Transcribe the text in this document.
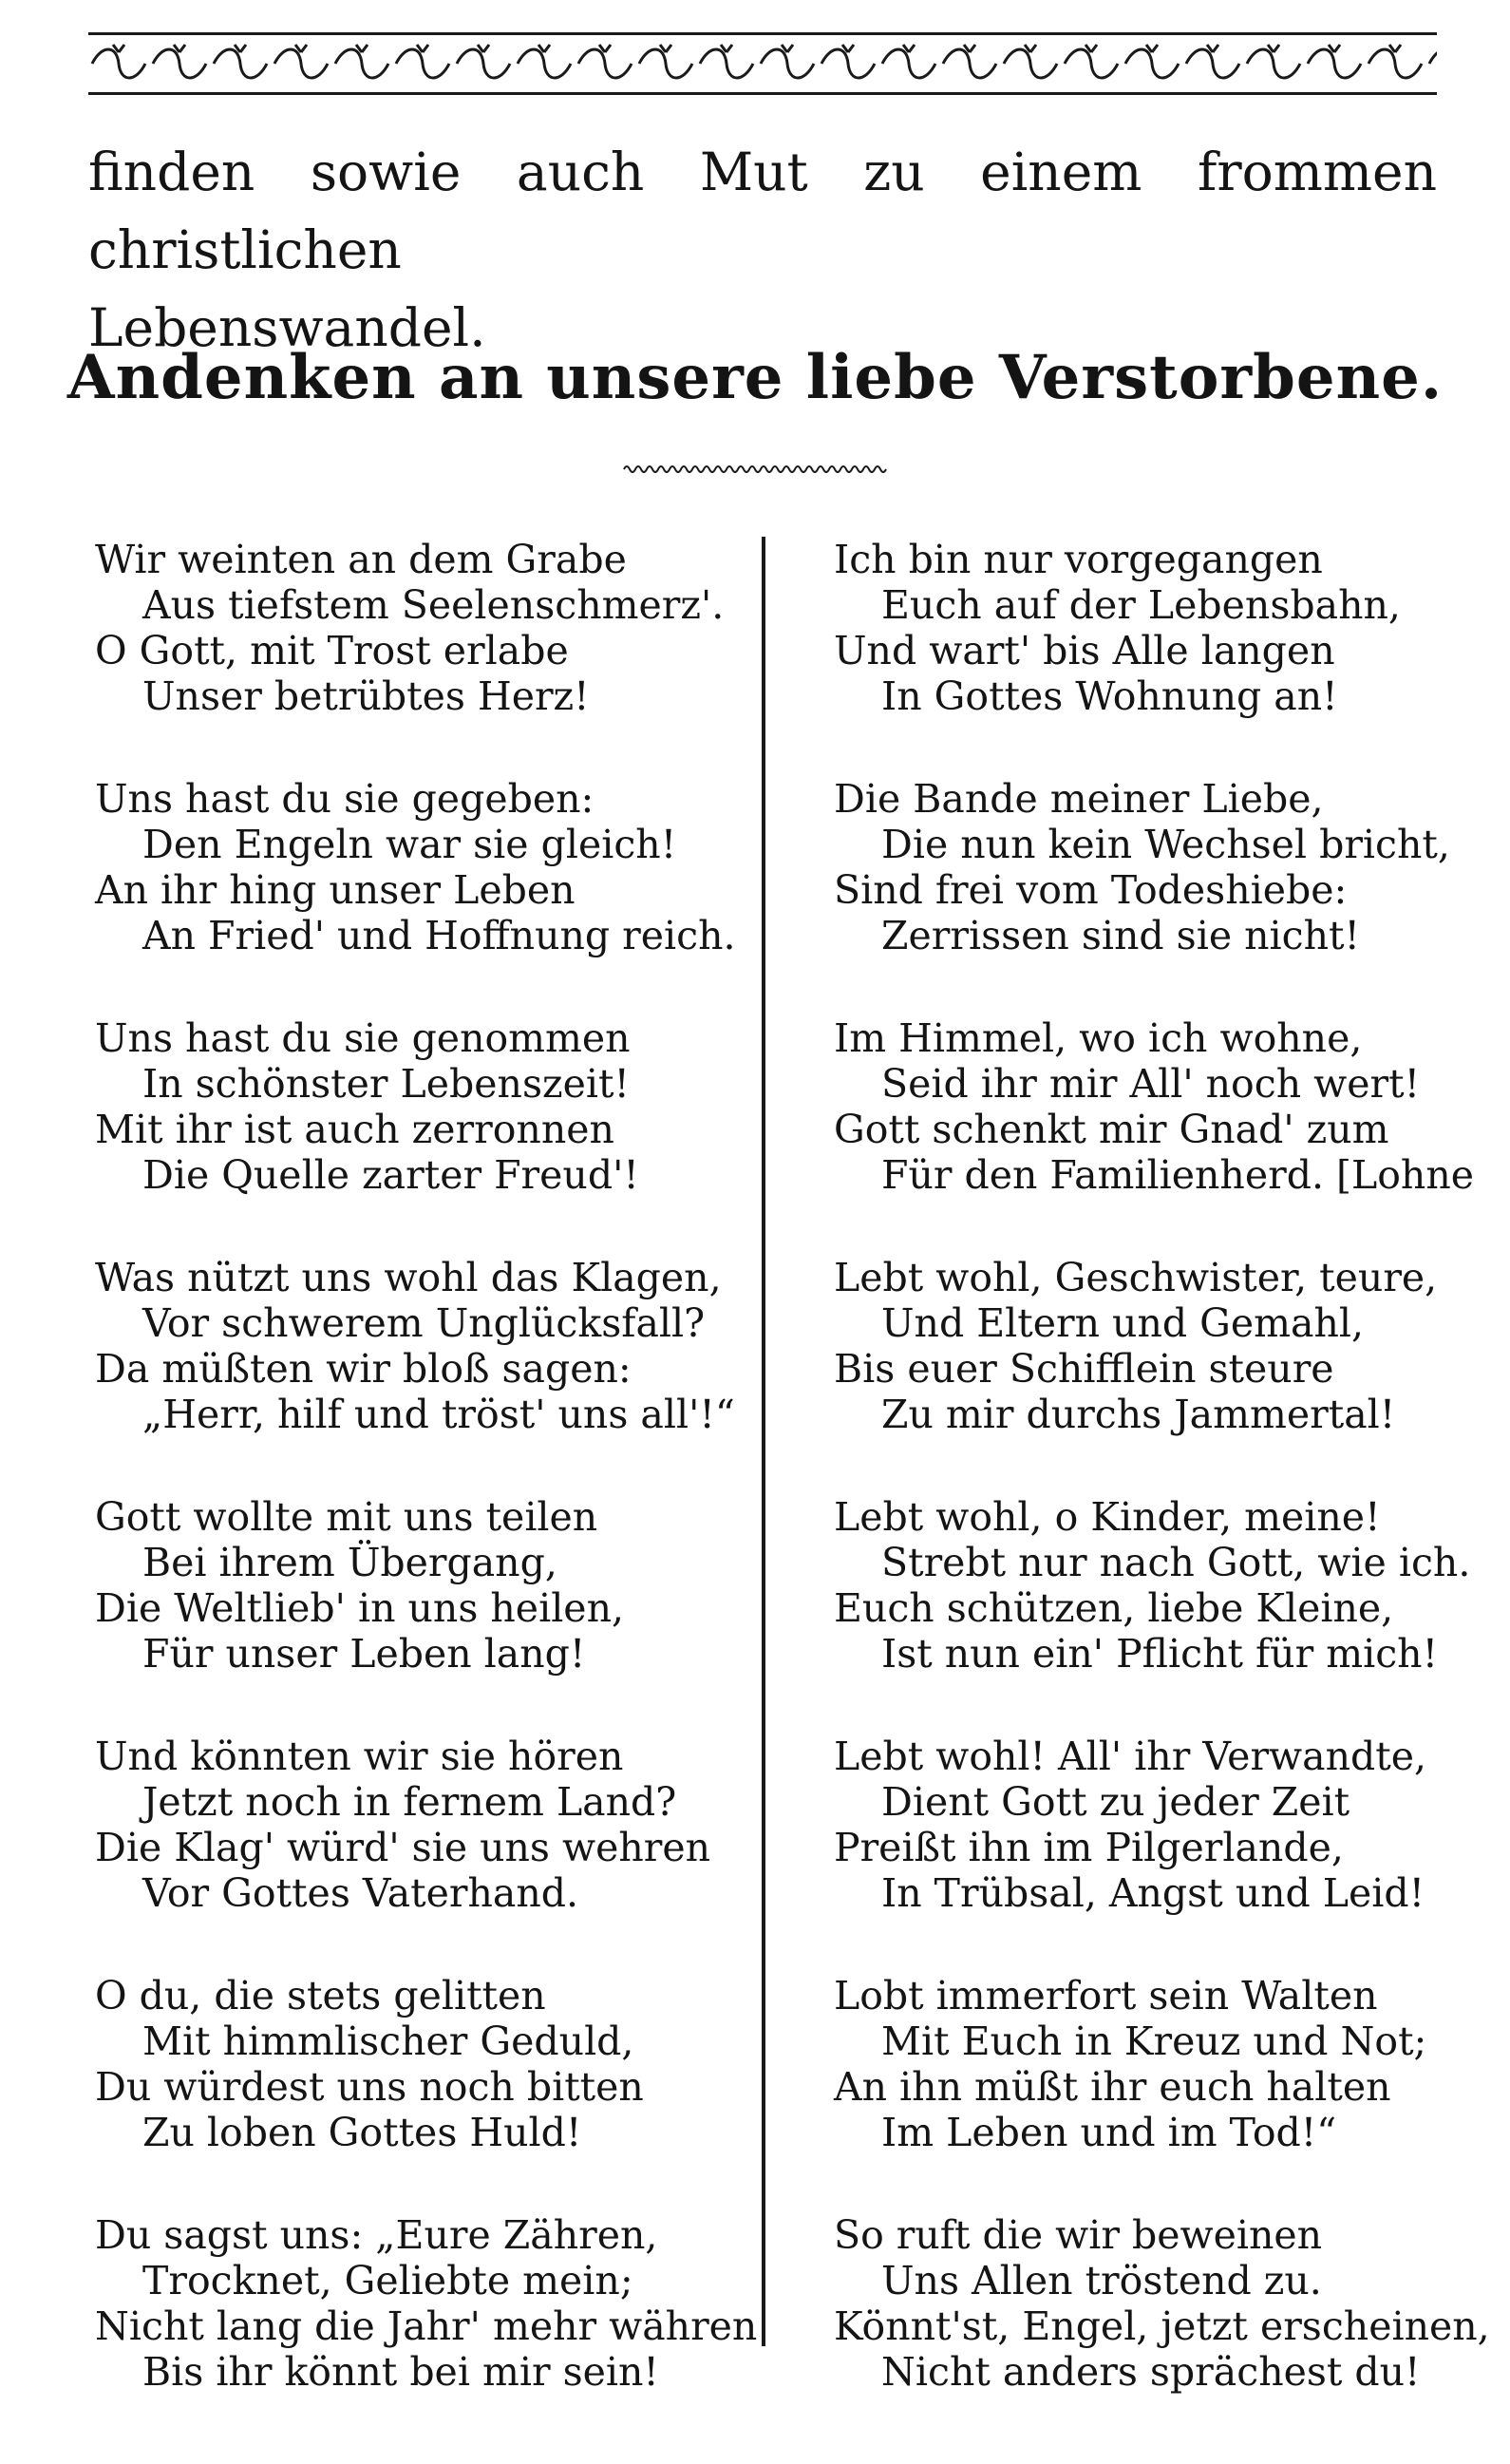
finden sowie auch Mut zu einem frommen christlichen
Lebenswandel.
Andenken an unsere liebe Verstorbene.
Wir weinten an dem Grabe
Aus tiefstem Seelenschmerz'.
O Gott, mit Trost erlabe
Unser betrübtes Herz!
Uns hast du sie gegeben:
Den Engeln war sie gleich!
An ihr hing unser Leben
An Fried' und Hoffnung reich.
Uns hast du sie genommen
In schönster Lebenszeit!
Mit ihr ist auch zerronnen
Die Quelle zarter Freud'!
Was nützt uns wohl das Klagen,
Vor schwerem Unglücksfall?
Da müßten wir bloß sagen:
„Herr, hilf und tröst' uns all'!“
Gott wollte mit uns teilen
Bei ihrem Übergang,
Die Weltlieb' in uns heilen,
Für unser Leben lang!
Und könnten wir sie hören
Jetzt noch in fernem Land?
Die Klag' würd' sie uns wehren
Vor Gottes Vaterhand.
O du, die stets gelitten
Mit himmlischer Geduld,
Du würdest uns noch bitten
Zu loben Gottes Huld!
Du sagst uns: „Eure Zähren,
Trocknet, Geliebte mein;
Nicht lang die Jahr' mehr währen
Bis ihr könnt bei mir sein!
Ich bin nur vorgegangen
Euch auf der Lebensbahn,
Und wart' bis Alle langen
In Gottes Wohnung an!
Die Bande meiner Liebe,
Die nun kein Wechsel bricht,
Sind frei vom Todeshiebe:
Zerrissen sind sie nicht!
Im Himmel, wo ich wohne,
Seid ihr mir All' noch wert!
Gott schenkt mir Gnad' zum
Für den Familienherd. [Lohne
Lebt wohl, Geschwister, teure,
Und Eltern und Gemahl,
Bis euer Schifflein steure
Zu mir durchs Jammertal!
Lebt wohl, o Kinder, meine!
Strebt nur nach Gott, wie ich.
Euch schützen, liebe Kleine,
Ist nun ein' Pflicht für mich!
Lebt wohl! All' ihr Verwandte,
Dient Gott zu jeder Zeit
Preißt ihn im Pilgerlande,
In Trübsal, Angst und Leid!
Lobt immerfort sein Walten
Mit Euch in Kreuz und Not;
An ihn müßt ihr euch halten
Im Leben und im Tod!“
So ruft die wir beweinen
Uns Allen tröstend zu.
Könnt'st, Engel, jetzt erscheinen,
Nicht anders sprächest du!
